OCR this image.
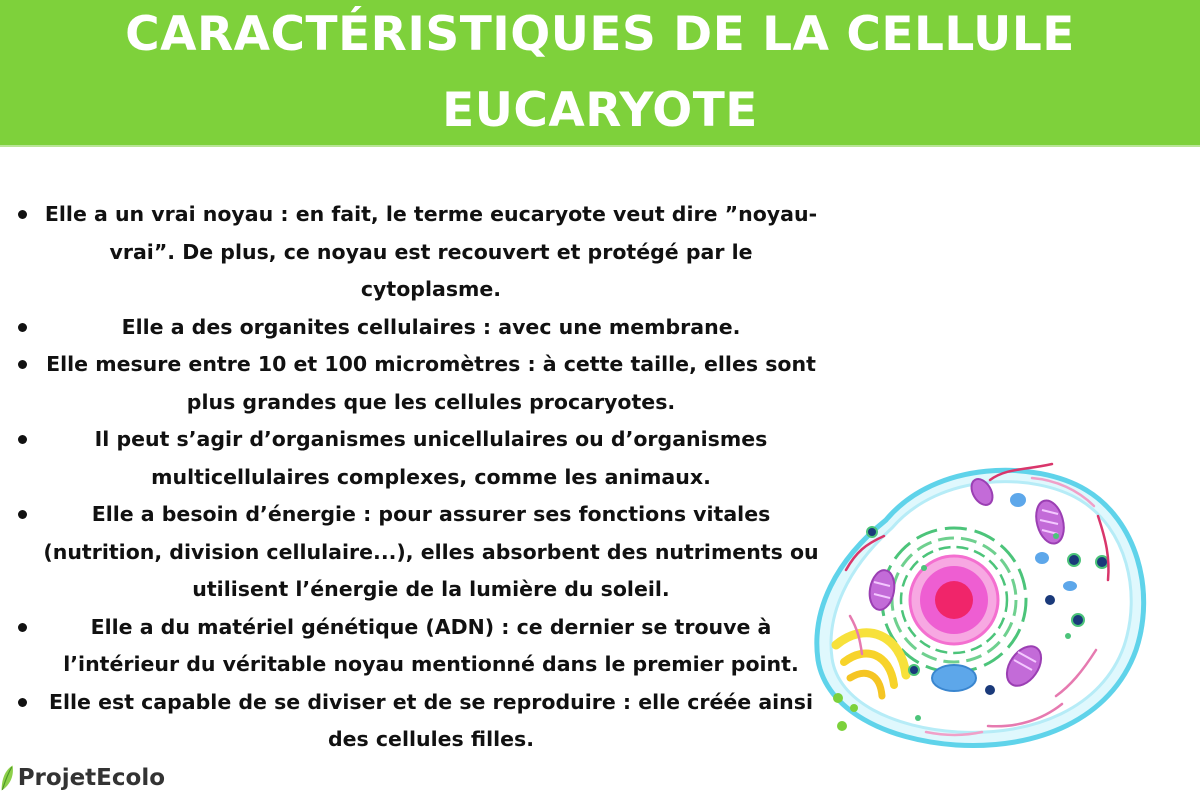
CARACTÉRISTIQUES DE LA CELLULE EUCARYOTE
Elle a un vrai noyau : en fait, le terme eucaryote veut dire ”noyau-vrai”. De plus, ce noyau est recouvert et protégé par le cytoplasme.
Elle a des organites cellulaires : avec une membrane.
Elle mesure entre 10 et 100 micromètres : à cette taille, elles sont plus grandes que les cellules procaryotes.
Il peut s’agir d’organismes unicellulaires ou d’organismes multicellulaires complexes, comme les animaux.
Elle a besoin d’énergie : pour assurer ses fonctions vitales (nutrition, division cellulaire...), elles absorbent des nutriments ou utilisent l’énergie de la lumière du soleil.
Elle a du matériel génétique (ADN) : ce dernier se trouve à l’intérieur du véritable noyau mentionné dans le premier point.
Elle est capable de se diviser et de se reproduire : elle créée ainsi des cellules filles.
ProjetEcolo
